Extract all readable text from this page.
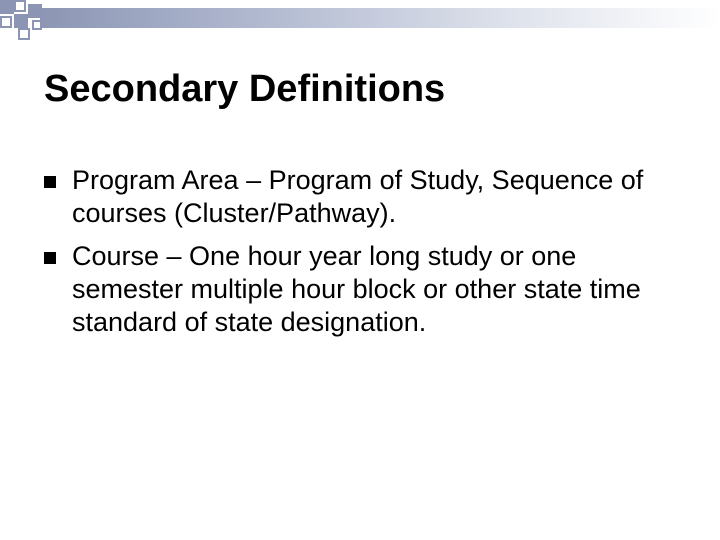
Secondary Definitions
Program Area – Program of Study, Sequence of courses (Cluster/Pathway).
Course – One hour year long study or one semester multiple hour block or other state time standard of state designation.
